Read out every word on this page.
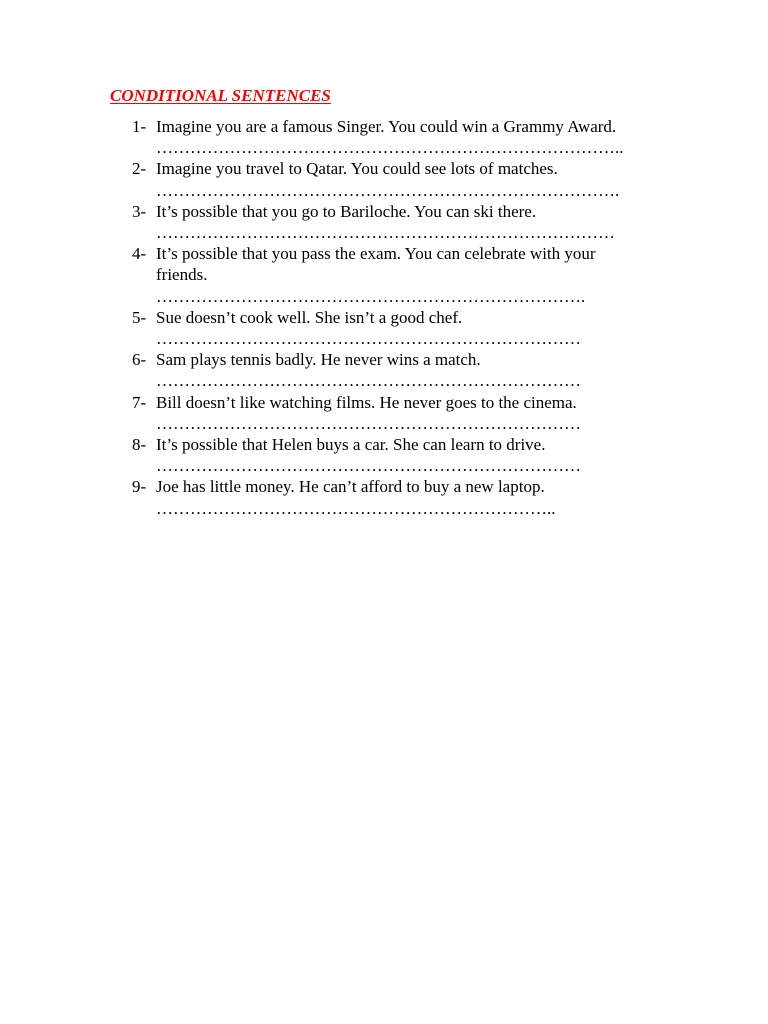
CONDITIONAL SENTENCES
1- Imagine you are a famous Singer. You could win a Grammy Award.
………………………………………………………………………..
2- Imagine you travel to Qatar. You could see lots of matches.
……………………………………………………………………….
3- It’s possible that you go to Bariloche. You can ski there.
………………………………………………………………………
4- It’s possible that you pass the exam. You can celebrate with your
friends.
………………………………………………………………….
5- Sue doesn’t cook well. She isn’t a good chef.
…………………………………………………………………
6- Sam plays tennis badly. He never wins a match.
…………………………………………………………………
7- Bill doesn’t like watching films. He never goes to the cinema.
…………………………………………………………………
8- It’s possible that Helen buys a car. She can learn to drive.
…………………………………………………………………
9- Joe has little money. He can’t afford to buy a new laptop.
……………………………………………………………..
